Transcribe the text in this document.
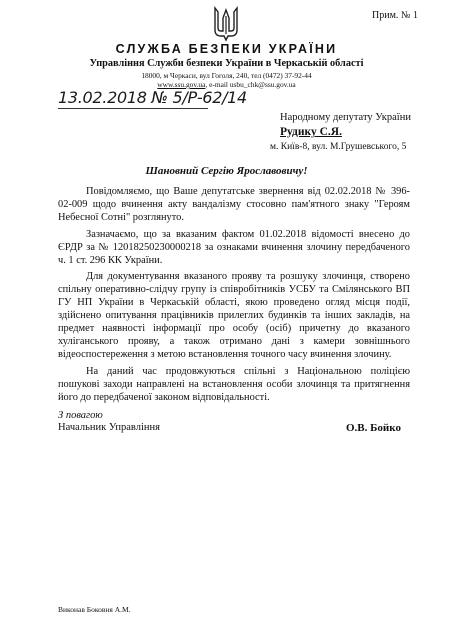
Прим. № 1
СЛУЖБА БЕЗПЕКИ УКРАЇНИ
Управління Служби безпеки України в Черкаській області
18000, м Черкаси, вул Гоголя, 240, тел (0472) 37-92-44
www.ssu.gov.ua, e-mail usbu_chk@ssu.gov.ua
13.02.2018 № 5/Р-62/14
Народному депутату України
Рудику С.Я.
м. Київ-8, вул. М.Грушевського, 5
Шановний Сергію Ярославовичу!

Повідомляємо, що Ваше депутатське звернення від 02.02.2018 № 396-02-009 щодо вчинення акту вандалізму стосовно пам'ятного знаку "Героям Небесної Сотні" розглянуто.

Зазначаємо, що за вказаним фактом 01.02.2018 відомості внесено до ЄРДР за № 12018250230000218 за ознаками вчинення злочину передбаченого ч. 1 ст. 296 КК України.

Для документування вказаного прояву та розшуку злочинця, створено спільну оперативно-слідчу групу із співробітників УСБУ та Смілянського ВП ГУ НП України в Черкаській області, якою проведено огляд місця події, здійснено опитування працівників прилеглих будинків та інших закладів, на предмет наявності інформації про особу (осіб) причетну до вказаного хуліганського прояву, а також отримано дані з камери зовнішнього відеоспостереження з метою встановлення точного часу вчинення злочину.

На даний час продовжуються спільні з Національною поліцією пошукові заходи направлені на встановлення особи злочинця та притягнення його до передбаченої законом відповідальності.

З повагою
Начальник Управління	О.В. Бойко
Виконав Боковня А.М.
